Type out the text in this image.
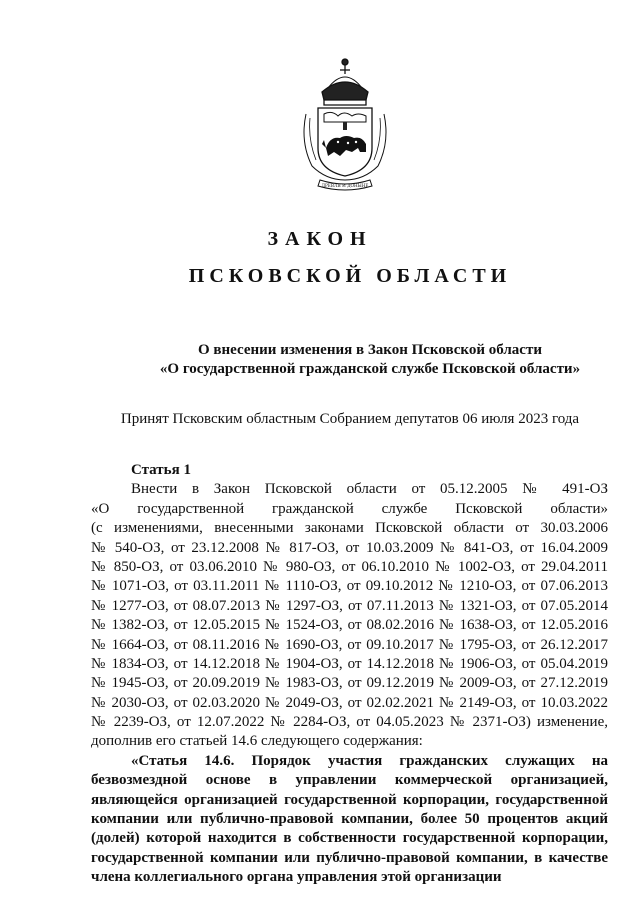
ДРЕВЛЯ И ДОНЫНЕ
ЗАКОН
ПСКОВСКОЙ ОБЛАСТИ
О внесении изменения в Закон Псковской области
«О государственной гражданской службе Псковской области»
Принят Псковским областным Собранием депутатов 06 июля 2023 года
Статья 1
Внести в Закон Псковской области от 05.12.2005 № 491-ОЗ
«О государственной гражданской службе Псковской области»
(с изменениями, внесенными законами Псковской области от 30.03.2006
№ 540-ОЗ, от 23.12.2008 № 817-ОЗ, от 10.03.2009 № 841-ОЗ, от 16.04.2009
№ 850-ОЗ, от 03.06.2010 № 980-ОЗ, от 06.10.2010 № 1002-ОЗ, от 29.04.2011
№ 1071-ОЗ, от 03.11.2011 № 1110-ОЗ, от 09.10.2012 № 1210-ОЗ, от 07.06.2013
№ 1277-ОЗ, от 08.07.2013 № 1297-ОЗ, от 07.11.2013 № 1321-ОЗ, от 07.05.2014
№ 1382-ОЗ, от 12.05.2015 № 1524-ОЗ, от 08.02.2016 № 1638-ОЗ, от 12.05.2016
№ 1664-ОЗ, от 08.11.2016 № 1690-ОЗ, от 09.10.2017 № 1795-ОЗ, от 26.12.2017
№ 1834-ОЗ, от 14.12.2018 № 1904-ОЗ, от 14.12.2018 № 1906-ОЗ, от 05.04.2019
№ 1945-ОЗ, от 20.09.2019 № 1983-ОЗ, от 09.12.2019 № 2009-ОЗ, от 27.12.2019
№ 2030-ОЗ, от 02.03.2020 № 2049-ОЗ, от 02.02.2021 № 2149-ОЗ, от 10.03.2022
№ 2239-ОЗ, от 12.07.2022 № 2284-ОЗ, от 04.05.2023 № 2371-ОЗ) изменение,
дополнив его статьей 14.6 следующего содержания:
«Статья 14.6. Порядок участия гражданских служащих на
безвозмездной основе в управлении коммерческой организацией,
являющейся организацией государственной корпорации, государственной
компании или публично-правовой компании, более 50 процентов акций
(долей) которой находится в собственности государственной корпорации,
государственной компании или публично-правовой компании, в качестве
члена коллегиального органа управления этой организации
